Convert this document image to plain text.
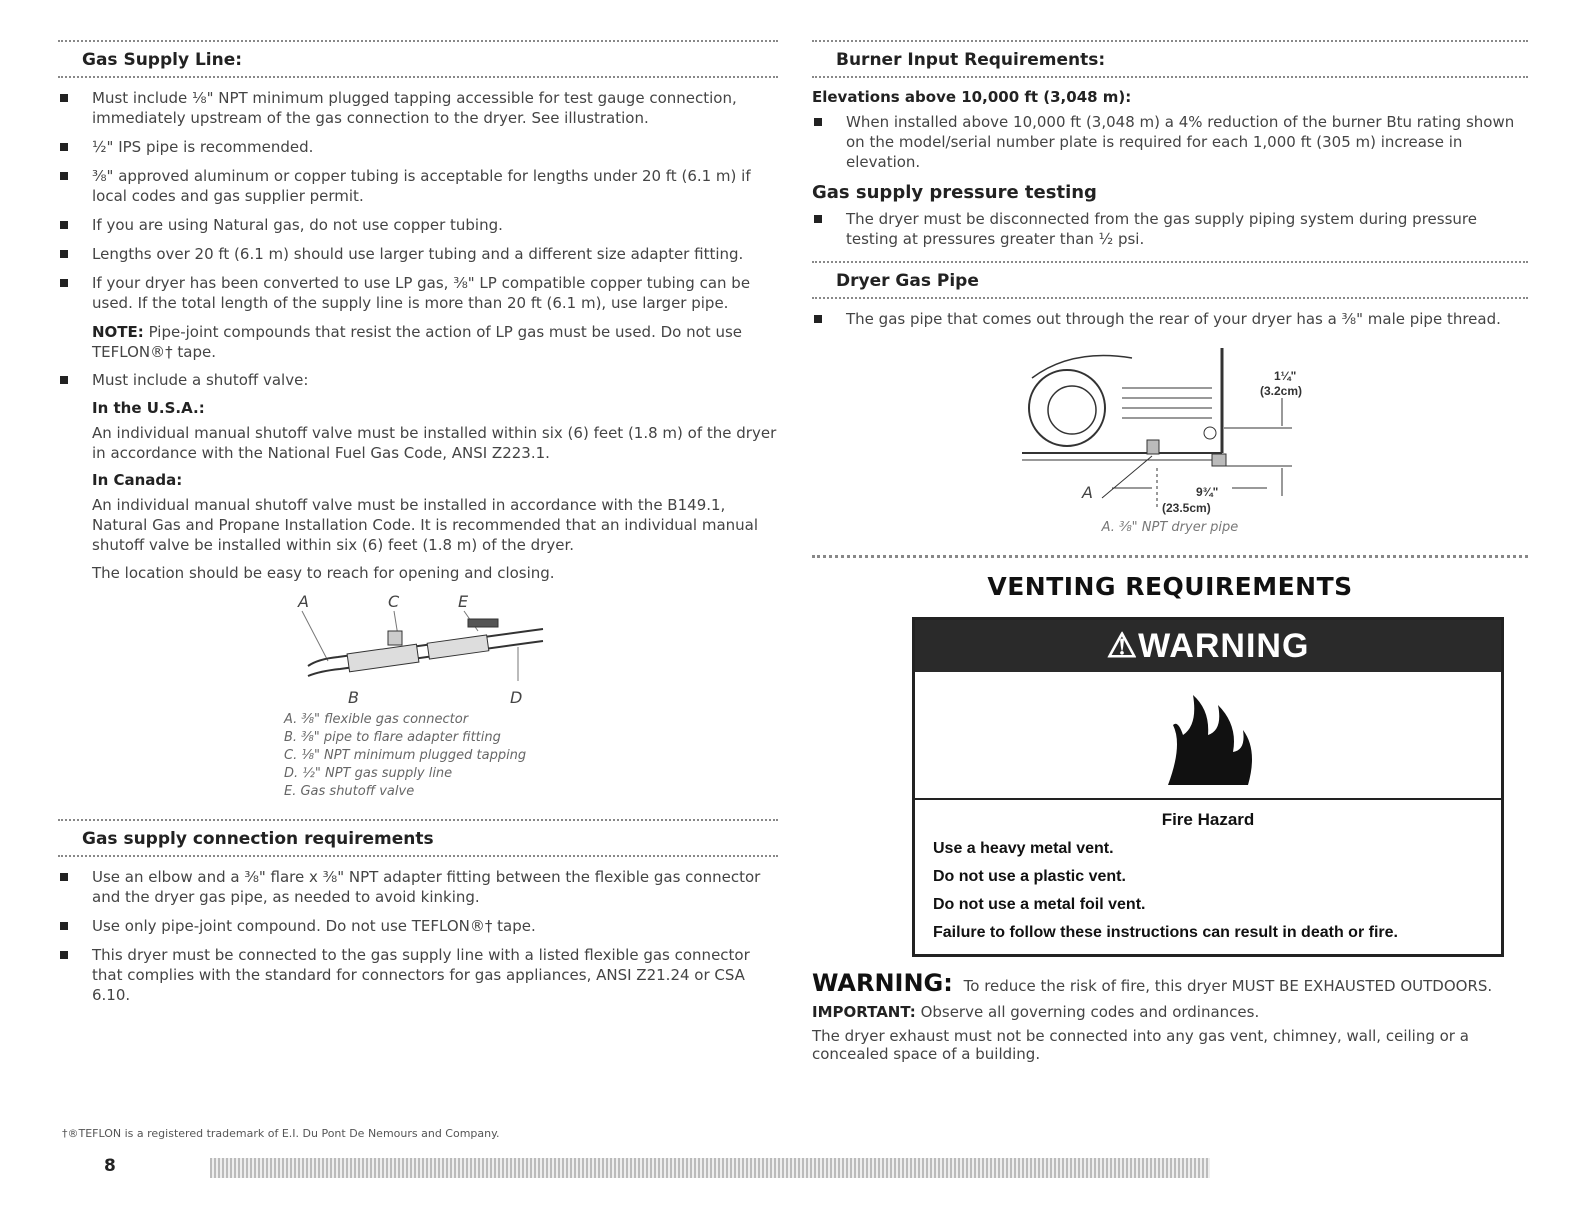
Gas Supply Line:
Must include ⅛" NPT minimum plugged tapping accessible for test gauge connection, immediately upstream of the gas connection to the dryer. See illustration.
½" IPS pipe is recommended.
⅜" approved aluminum or copper tubing is acceptable for lengths under 20 ft (6.1 m) if local codes and gas supplier permit.
If you are using Natural gas, do not use copper tubing.
Lengths over 20 ft (6.1 m) should use larger tubing and a different size adapter fitting.
If your dryer has been converted to use LP gas, ⅜" LP compatible copper tubing can be used. If the total length of the supply line is more than 20 ft (6.1 m), use larger pipe.
NOTE: Pipe-joint compounds that resist the action of LP gas must be used. Do not use TEFLON®† tape.
Must include a shutoff valve:
In the U.S.A.:
An individual manual shutoff valve must be installed within six (6) feet (1.8 m) of the dryer in accordance with the National Fuel Gas Code, ANSI Z223.1.
In Canada:
An individual manual shutoff valve must be installed in accordance with the B149.1, Natural Gas and Propane Installation Code. It is recommended that an individual manual shutoff valve be installed within six (6) feet (1.8 m) of the dryer.
The location should be easy to reach for opening and closing.
A	C	E
B	D
A. ⅜" flexible gas connector
B. ⅜" pipe to flare adapter fitting
C. ⅛" NPT minimum plugged tapping
D. ½" NPT gas supply line
E. Gas shutoff valve
Gas supply connection requirements
Use an elbow and a ⅜" flare x ⅜" NPT adapter fitting between the flexible gas connector and the dryer gas pipe, as needed to avoid kinking.
Use only pipe-joint compound. Do not use TEFLON®† tape.
This dryer must be connected to the gas supply line with a listed flexible gas connector that complies with the standard for connectors for gas appliances, ANSI Z21.24 or CSA 6.10.
†®TEFLON is a registered trademark of E.I. Du Pont De Nemours and Company.
8
Burner Input Requirements:
Elevations above 10,000 ft (3,048 m):
When installed above 10,000 ft (3,048 m) a 4% reduction of the burner Btu rating shown on the model/serial number plate is required for each 1,000 ft (305 m) increase in elevation.
Gas supply pressure testing
The dryer must be disconnected from the gas supply piping system during pressure testing at pressures greater than ½ psi.
Dryer Gas Pipe
The gas pipe that comes out through the rear of your dryer has a ⅜" male pipe thread.
1¼"
(3.2cm)
A	9¾"
(23.5cm)
A. ⅜" NPT dryer pipe
VENTING REQUIREMENTS
⚠WARNING
Fire Hazard
Use a heavy metal vent.
Do not use a plastic vent.
Do not use a metal foil vent.
Failure to follow these instructions can result in death or fire.
WARNING: To reduce the risk of fire, this dryer MUST BE EXHAUSTED OUTDOORS.
IMPORTANT: Observe all governing codes and ordinances.
The dryer exhaust must not be connected into any gas vent, chimney, wall, ceiling or a concealed space of a building.
